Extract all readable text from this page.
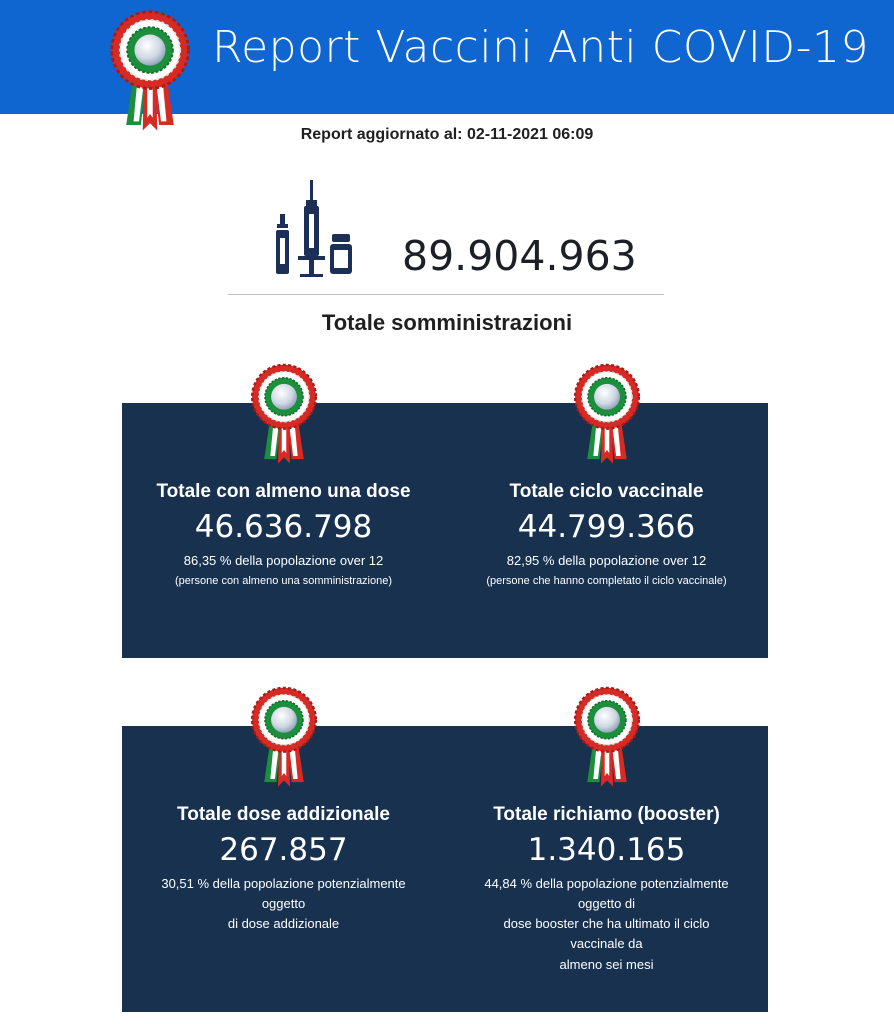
Report Vaccini Anti COVID-19
Report aggiornato al: 02-11-2021 06:09
89.904.963
Totale somministrazioni
Totale con almeno una dose
46.636.798
86,35 % della popolazione over 12
(persone con almeno una somministrazione)
Totale ciclo vaccinale
44.799.366
82,95 % della popolazione over 12
(persone che hanno completato il ciclo vaccinale)
Totale dose addizionale
267.857
30,51 % della popolazione potenzialmente
oggetto
di dose addizionale
Totale richiamo (booster)
1.340.165
44,84 % della popolazione potenzialmente
oggetto di
dose booster che ha ultimato il ciclo
vaccinale da
almeno sei mesi
